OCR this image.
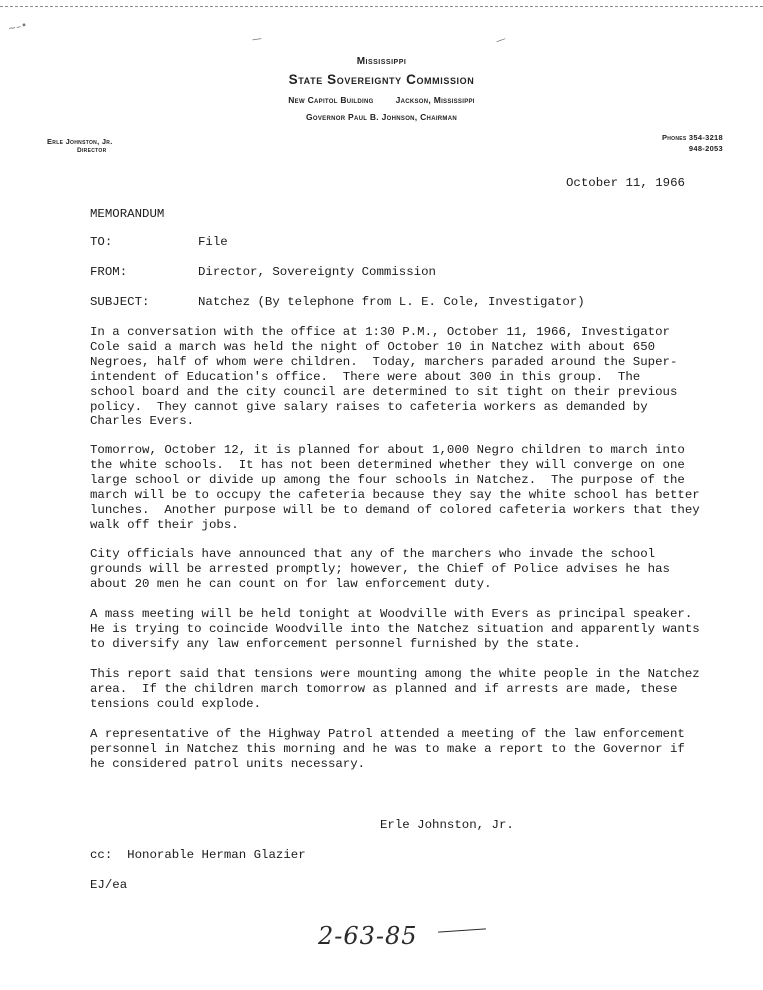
~–•
—	—
Mississippi
State Sovereignty Commission
New Capitol Building	Jackson, Mississippi
Governor Paul B. Johnson, Chairman
Erle Johnston, Jr.
Director
Phones 354-3218
948-2053
October 11, 1966
MEMORANDUM
TO:	File
FROM:	Director, Sovereignty Commission
SUBJECT:	Natchez (By telephone from L. E. Cole, Investigator)
In a conversation with the office at 1:30 P.M., October 11, 1966, Investigator
Cole said a march was held the night of October 10 in Natchez with about 650
Negroes, half of whom were children.  Today, marchers paraded around the Super-
intendent of Education's office.  There were about 300 in this group.  The
school board and the city council are determined to sit tight on their previous
policy.  They cannot give salary raises to cafeteria workers as demanded by
Charles Evers.
Tomorrow, October 12, it is planned for about 1,000 Negro children to march into
the white schools.  It has not been determined whether they will converge on one
large school or divide up among the four schools in Natchez.  The purpose of the
march will be to occupy the cafeteria because they say the white school has better
lunches.  Another purpose will be to demand of colored cafeteria workers that they
walk off their jobs.
City officials have announced that any of the marchers who invade the school
grounds will be arrested promptly; however, the Chief of Police advises he has
about 20 men he can count on for law enforcement duty.
A mass meeting will be held tonight at Woodville with Evers as principal speaker.
He is trying to coincide Woodville into the Natchez situation and apparently wants
to diversify any law enforcement personnel furnished by the state.
This report said that tensions were mounting among the white people in the Natchez
area.  If the children march tomorrow as planned and if arrests are made, these
tensions could explode.
A representative of the Highway Patrol attended a meeting of the law enforcement
personnel in Natchez this morning and he was to make a report to the Governor if
he considered patrol units necessary.
Erle Johnston, Jr.
cc:  Honorable Herman Glazier
EJ/ea
2-63-85
